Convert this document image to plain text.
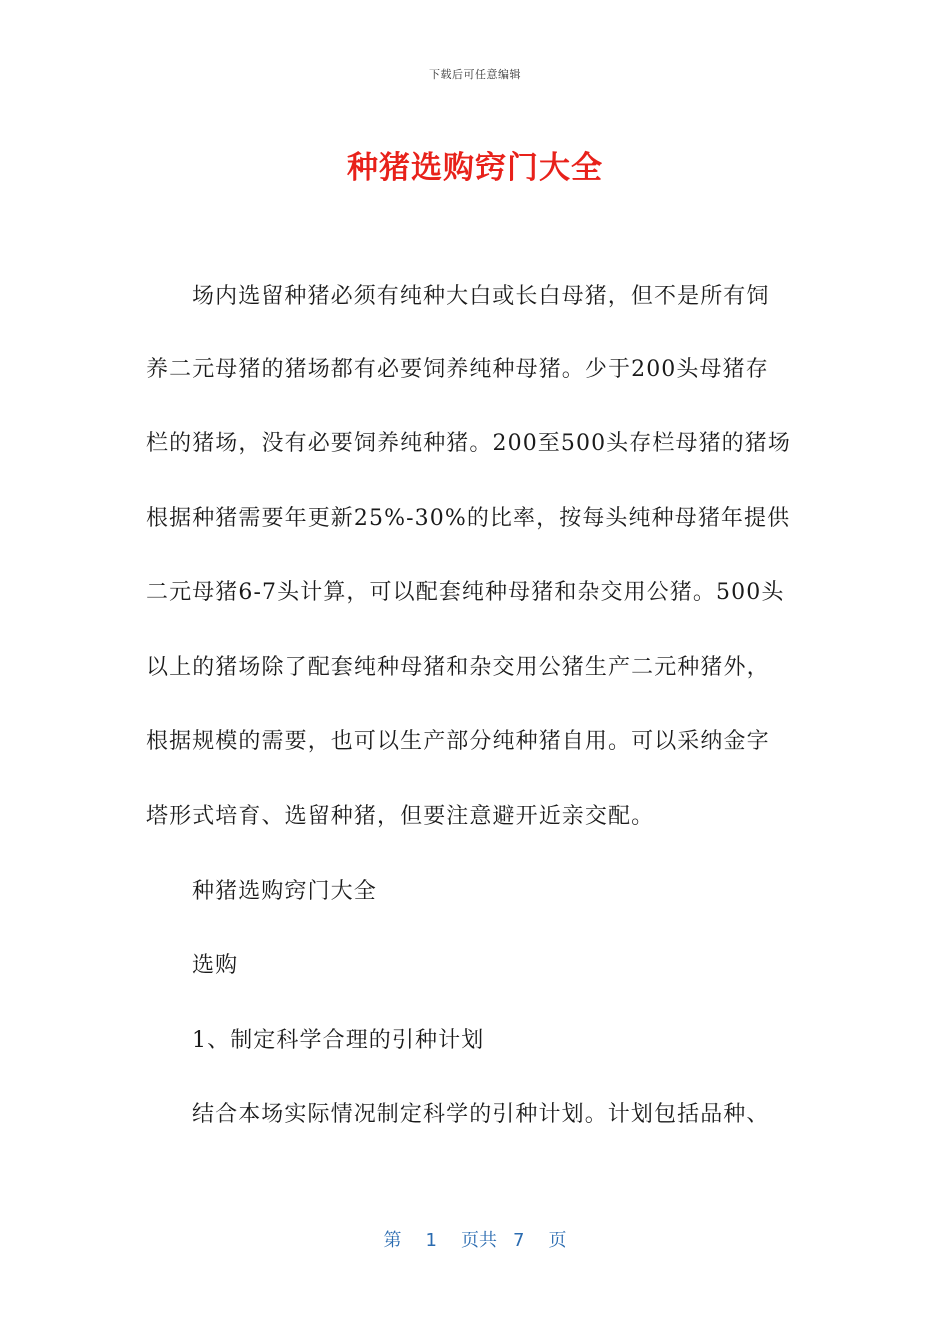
下载后可任意编辑
种猪选购窍门大全
场内选留种猪必须有纯种大白或长白母猪，但不是所有饲
养二元母猪的猪场都有必要饲养纯种母猪。少于200头母猪存
栏的猪场，没有必要饲养纯种猪。200至500头存栏母猪的猪场
根据种猪需要年更新25%-30%的比率，按每头纯种母猪年提供
二元母猪6-7头计算，可以配套纯种母猪和杂交用公猪。500头
以上的猪场除了配套纯种母猪和杂交用公猪生产二元种猪外，
根据规模的需要，也可以生产部分纯种猪自用。可以采纳金字
塔形式培育、选留种猪，但要注意避开近亲交配。
种猪选购窍门大全
选购
1、制定科学合理的引种计划
结合本场实际情况制定科学的引种计划。计划包括品种、
第 1 页共 7 页
